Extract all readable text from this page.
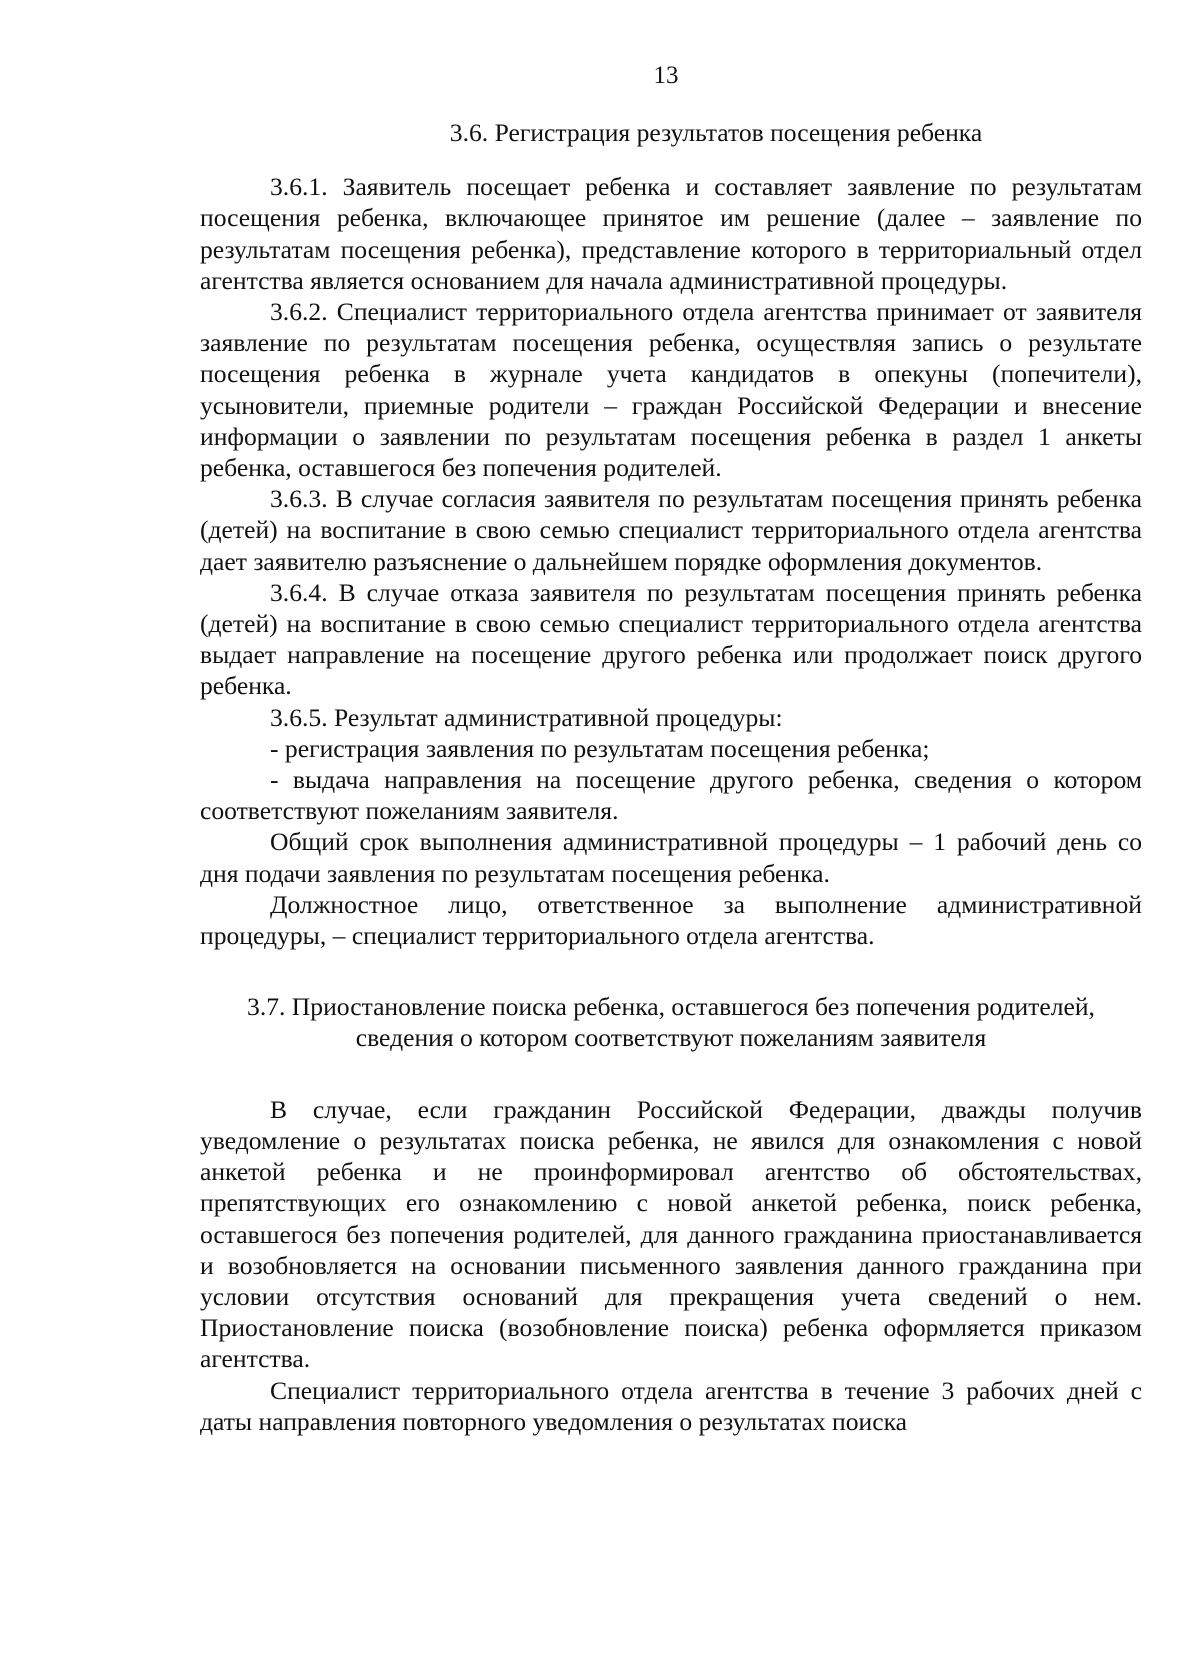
13

3.6. Регистрация результатов посещения ребенка

3.6.1. Заявитель посещает ребенка и составляет заявление по результатам посещения ребенка, включающее принятое им решение (далее – заявление по результатам посещения ребенка), представление которого в территориальный отдел агентства является основанием для начала административной процедуры.

3.6.2. Специалист территориального отдела агентства принимает от заявителя заявление по результатам посещения ребенка, осуществляя запись о результате посещения ребенка в журнале учета кандидатов в опекуны (попечители), усыновители, приемные родители – граждан Российской Федерации и внесение информации о заявлении по результатам посещения ребенка в раздел 1 анкеты ребенка, оставшегося без попечения родителей.

3.6.3. В случае согласия заявителя по результатам посещения принять ребенка (детей) на воспитание в свою семью специалист территориального отдела агентства дает заявителю разъяснение о дальнейшем порядке оформления документов.

3.6.4. В случае отказа заявителя по результатам посещения принять ребенка (детей) на воспитание в свою семью специалист территориального отдела агентства выдает направление на посещение другого ребенка или продолжает поиск другого ребенка.

3.6.5. Результат административной процедуры:

- регистрация заявления по результатам посещения ребенка;

- выдача направления на посещение другого ребенка, сведения о котором соответствуют пожеланиям заявителя.

Общий срок выполнения административной процедуры – 1 рабочий день со дня подачи заявления по результатам посещения ребенка.

Должностное лицо, ответственное за выполнение административной процедуры, – специалист территориального отдела агентства.

3.7. Приостановление поиска ребенка, оставшегося без попечения родителей,
сведения о котором соответствуют пожеланиям заявителя

В случае, если гражданин Российской Федерации, дважды получив уведомление о результатах поиска ребенка, не явился для ознакомления с новой анкетой ребенка и не проинформировал агентство об обстоятельствах, препятствующих его ознакомлению с новой анкетой ребенка, поиск ребенка, оставшегося без попечения родителей, для данного гражданина приостанавливается и возобновляется на основании письменного заявления данного гражданина при условии отсутствия оснований для прекращения учета сведений о нем. Приостановление поиска (возобновление поиска) ребенка оформляется приказом агентства.

Специалист территориального отдела агентства в течение 3 рабочих дней с даты направления повторного уведомления о результатах поиска
